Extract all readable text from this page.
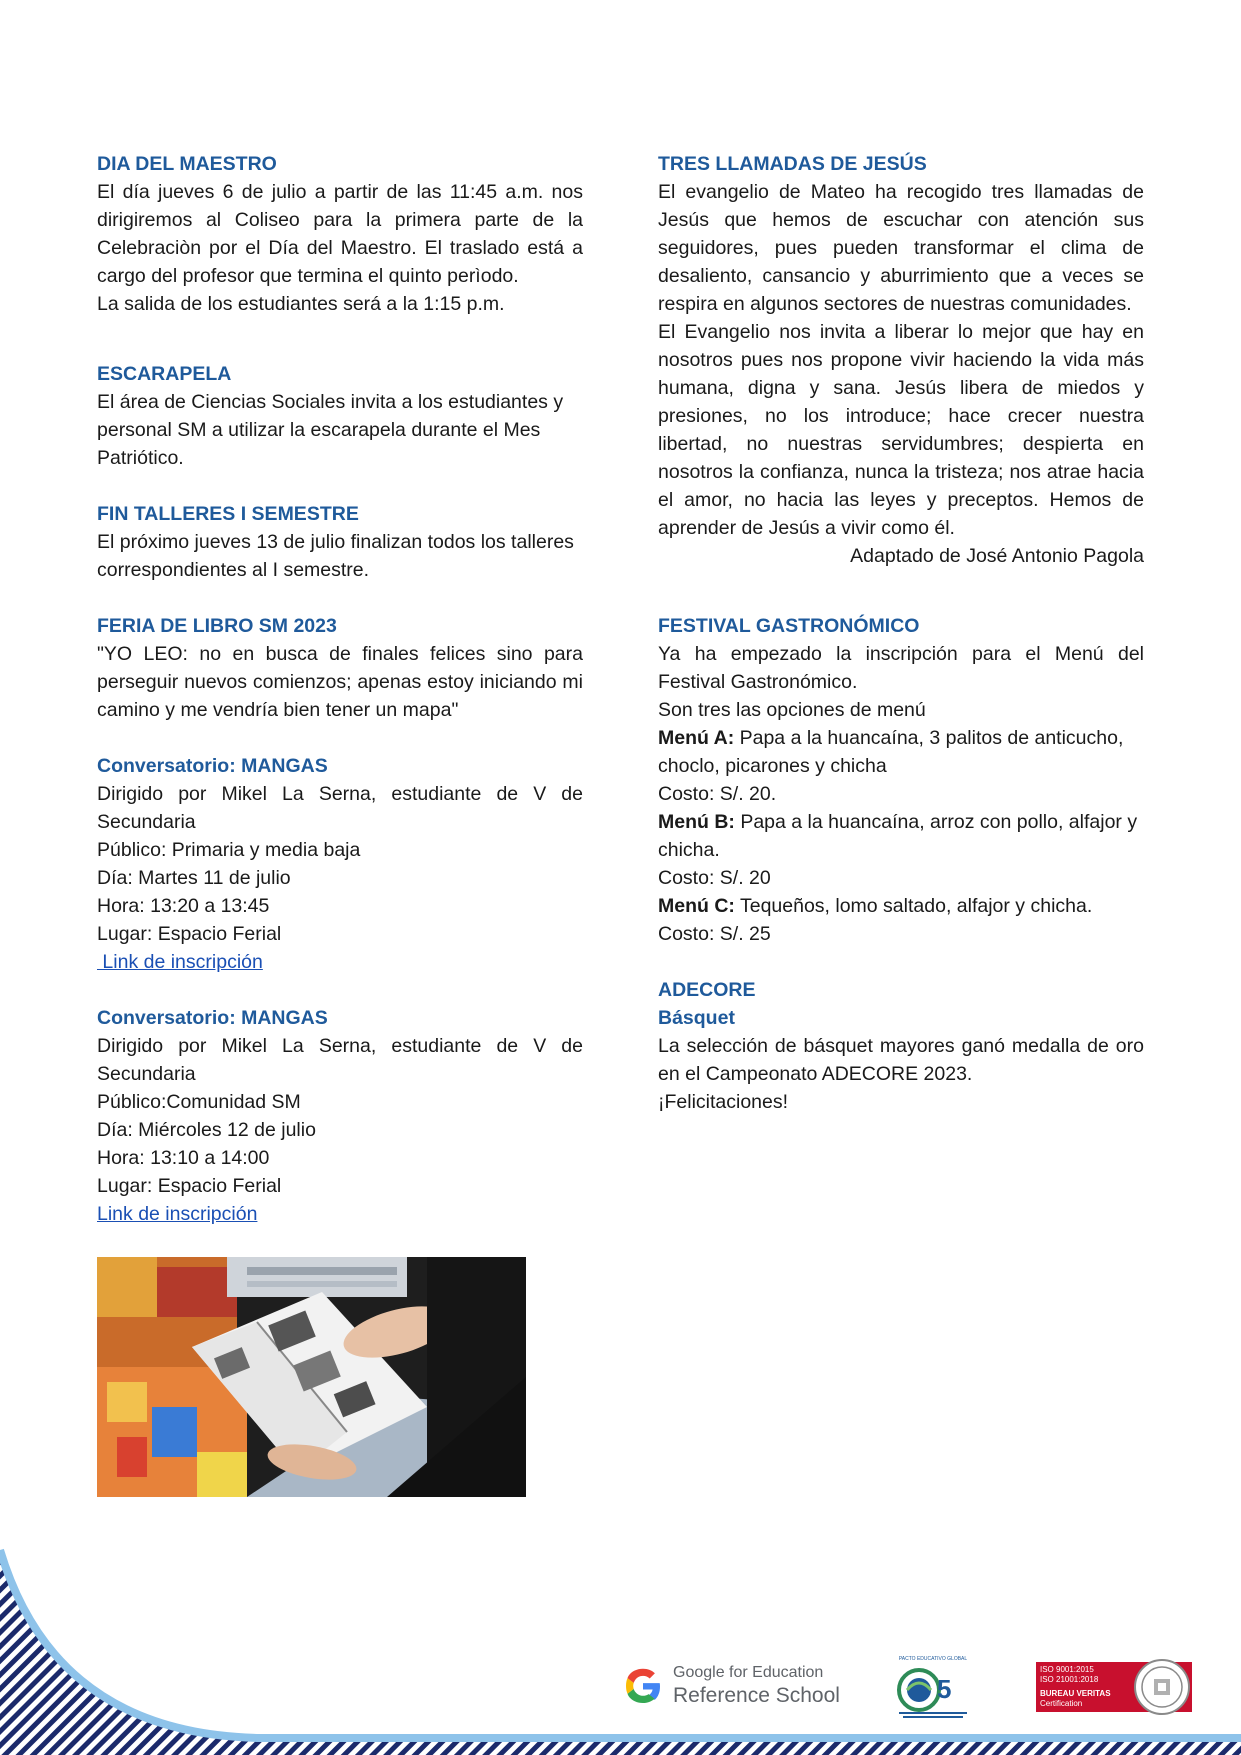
DIA DEL MAESTRO

El día jueves 6 de julio a partir de las 11:45 a.m. nos dirigiremos al Coliseo para la primera parte de la Celebraciòn por el Día del Maestro. El traslado está a cargo del profesor que termina el quinto perìodo.

La salida de los estudiantes será a la 1:15 p.m.

ESCARAPELA

El área de Ciencias Sociales invita a los estudiantes y personal SM a utilizar la escarapela durante el Mes Patriótico.

FIN TALLERES I SEMESTRE

El próximo jueves 13 de julio finalizan todos los talleres correspondientes al I semestre.

FERIA DE LIBRO SM 2023

"YO LEO: no en busca de finales felices sino para perseguir nuevos comienzos; apenas estoy iniciando mi camino y me vendría bien tener un mapa"

Conversatorio: MANGAS

Dirigido por Mikel La Serna, estudiante de V de Secundaria

Público: Primaria y media baja

Día: Martes 11 de julio

Hora: 13:20 a 13:45

Lugar: Espacio Ferial

Link de inscripción
Conversatorio: MANGAS

Dirigido por Mikel La Serna, estudiante de V de Secundaria

Público:Comunidad SM

Día: Miércoles 12 de julio

Hora: 13:10 a 14:00

Lugar: Espacio Ferial

Link de inscripción
TRES LLAMADAS DE JESÚS

El evangelio de Mateo ha recogido tres llamadas de Jesús que hemos de escuchar con atención sus seguidores, pues pueden transformar el clima de desaliento, cansancio y aburrimiento que a veces se respira en algunos sectores de nuestras comunidades.

El Evangelio nos invita a liberar lo mejor que hay en nosotros pues nos propone vivir haciendo la vida más humana, digna y sana. Jesús libera de miedos y presiones, no los introduce; hace crecer nuestra libertad, no nuestras servidumbres; despierta en nosotros la confianza, nunca la tristeza; nos atrae hacia el amor, no hacia las leyes y preceptos. Hemos de aprender de Jesús a vivir como él.

Adaptado de José Antonio Pagola

FESTIVAL GASTRONÓMICO

Ya ha empezado la inscripción para el Menú del Festival Gastronómico.

Son tres las opciones de menú

Menú A: Papa a la huancaína, 3 palitos de anticucho, choclo, picarones y chicha

Costo: S/. 20.

Menú B: Papa a la huancaína, arroz con pollo, alfajor y chicha.

Costo: S/. 20

Menú C: Tequeños, lomo saltado, alfajor y chicha.

Costo: S/. 25

ADECORE
Básquet

La selección de básquet mayores ganó medalla de oro en el Campeonato ADECORE 2023.

¡Felicitaciones!

Google for Education
Reference School
PACTO EDUCATIVO GLOBAL
5
ISO 9001:2015
ISO 21001:2018
BUREAU VERITAS
Certification
